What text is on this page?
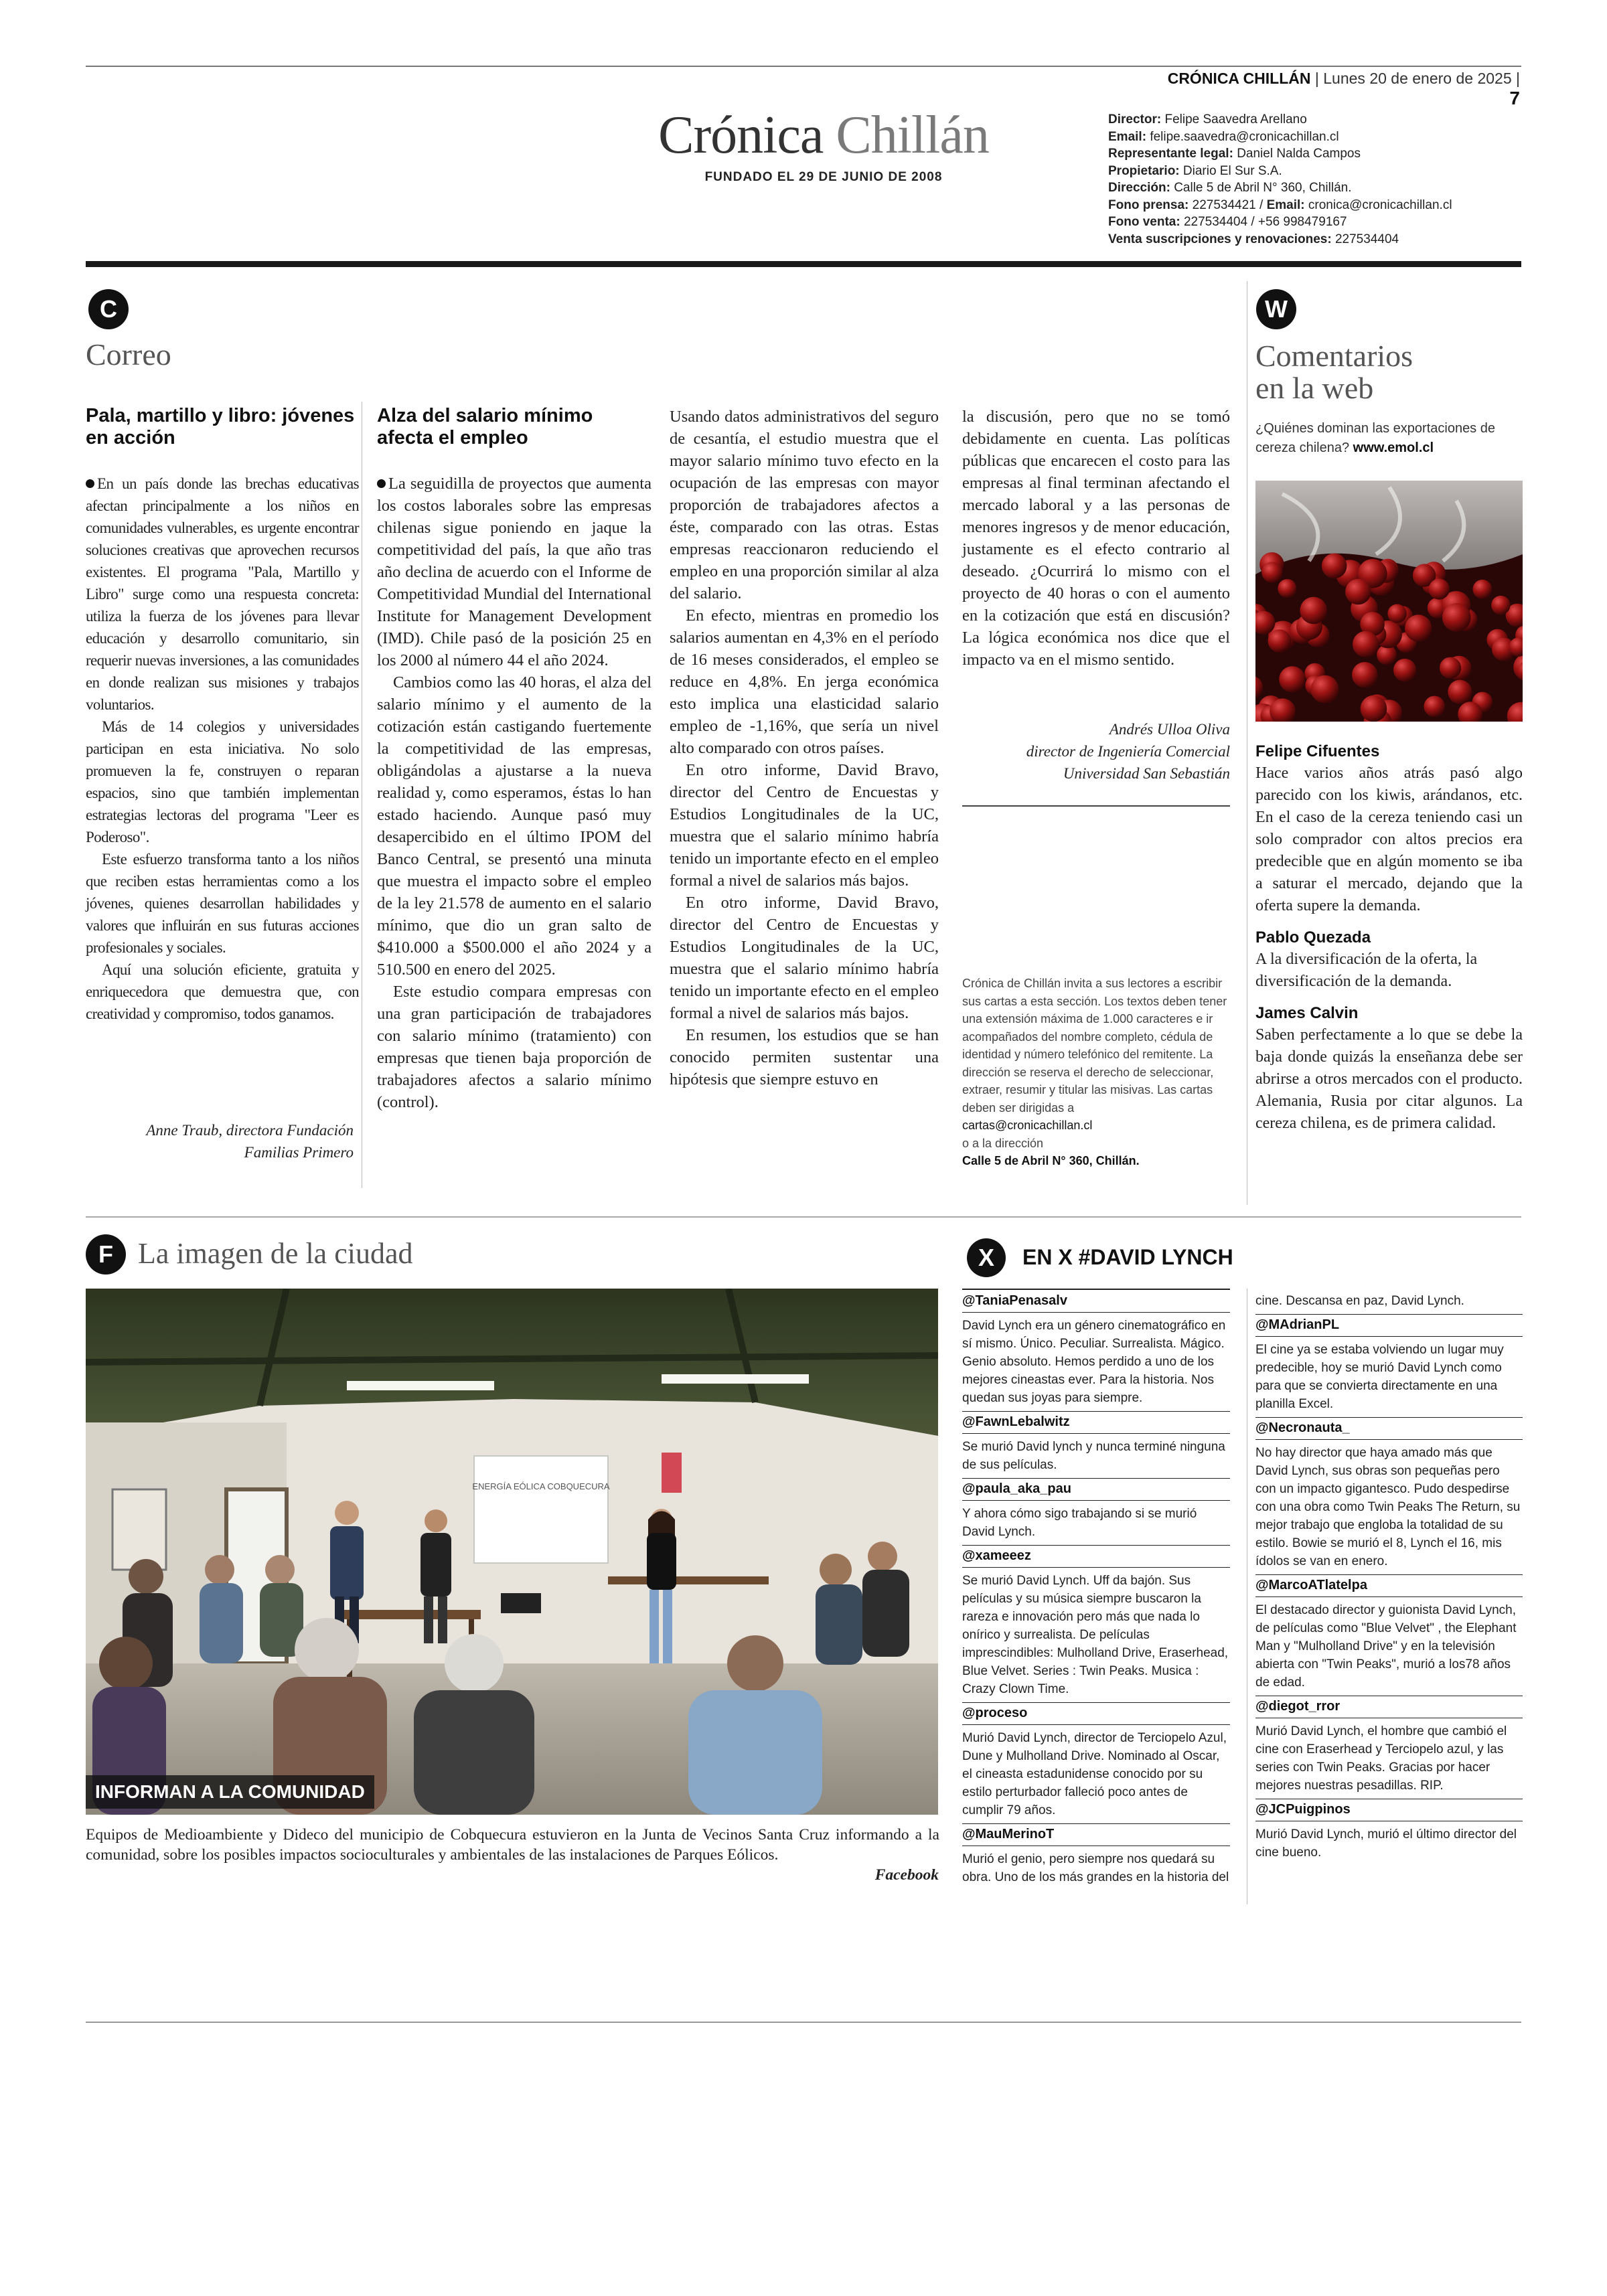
CRÓNICA CHILLÁN | Lunes 20 de enero de 2025 | 7
Crónica Chillán
FUNDADO EL 29 DE JUNIO DE 2008
Director: Felipe Saavedra Arellano
Email: felipe.saavedra@cronicachillan.cl
Representante legal: Daniel Nalda Campos
Propietario: Diario El Sur S.A.
Dirección: Calle 5 de Abril N° 360, Chillán.
Fono prensa: 227534421 / Email: cronica@cronicachillan.cl
Fono venta: 227534404 / +56 998479167
Venta suscripciones y renovaciones: 227534404
C
Correo
Pala, martillo y libro: jóvenes en acción

En un país donde las brechas educativas afectan principalmente a los niños en comunidades vulnerables, es urgente encontrar soluciones creativas que aprovechen recursos existentes. El programa "Pala, Martillo y Libro" surge como una respuesta concreta: utiliza la fuerza de los jóvenes para llevar educación y desarrollo comunitario, sin requerir nuevas inversiones, a las comunidades en donde realizan sus misiones y trabajos voluntarios.

Más de 14 colegios y universidades participan en esta iniciativa. No solo promueven la fe, construyen o reparan espacios, sino que también implementan estrategias lectoras del programa "Leer es Poderoso".

Este esfuerzo transforma tanto a los niños que reciben estas herramientas como a los jóvenes, quienes desarrollan habilidades y valores que influirán en sus futuras acciones profesionales y sociales.

Aquí una solución eficiente, gratuita y enriquecedora que demuestra que, con creatividad y compromiso, todos ganamos.

Anne Traub, directora Fundación
Familias Primero
Alza del salario mínimo afecta el empleo

La seguidilla de proyectos que aumenta los costos laborales sobre las empresas chilenas sigue poniendo en jaque la competitividad del país, la que año tras año declina de acuerdo con el Informe de Competitividad Mundial del International Institute for Management Development (IMD). Chile pasó de la posición 25 en los 2000 al número 44 el año 2024.

Cambios como las 40 horas, el alza del salario mínimo y el aumento de la cotización están castigando fuertemente la competitividad de las empresas, obligándolas a ajustarse a la nueva realidad y, como esperamos, éstas lo han estado haciendo. Aunque pasó muy desapercibido en el último IPOM del Banco Central, se presentó una minuta que muestra el impacto sobre el empleo de la ley 21.578 de aumento en el salario mínimo, que dio un gran salto de $410.000 a $500.000 el año 2024 y a 510.500 en enero del 2025.

Este estudio compara empresas con una gran participación de trabajadores con salario mínimo (tratamiento) con empresas que tienen baja proporción de trabajadores afectos a salario mínimo (control).

Usando datos administrativos del seguro de cesantía, el estudio muestra que el mayor salario mínimo tuvo efecto en la ocupación de las empresas con mayor proporción de trabajadores afectos a éste, comparado con las otras. Estas empresas reaccionaron reduciendo el empleo en una proporción similar al alza del salario.

En efecto, mientras en promedio los salarios aumentan en 4,3% en el período de 16 meses considerados, el empleo se reduce en 4,8%. En jerga económica esto implica una elasticidad salario empleo de -1,16%, que sería un nivel alto comparado con otros países.

En otro informe, David Bravo, director del Centro de Encuestas y Estudios Longitudinales de la UC, muestra que el salario mínimo habría tenido un importante efecto en el empleo formal a nivel de salarios más bajos.

En otro informe, David Bravo, director del Centro de Encuestas y Estudios Longitudinales de la UC, muestra que el salario mínimo habría tenido un importante efecto en el empleo formal a nivel de salarios más bajos.

En resumen, los estudios que se han conocido permiten sustentar una hipótesis que siempre estuvo en

la discusión, pero que no se tomó debidamente en cuenta. Las políticas públicas que encarecen el costo para las empresas al final terminan afectando el mercado laboral y a las personas de menores ingresos y de menor educación, justamente es el efecto contrario al deseado. ¿Ocurrirá lo mismo con el proyecto de 40 horas o con el aumento en la cotización que está en discusión? La lógica económica nos dice que el impacto va en el mismo sentido.

Andrés Ulloa Oliva
director de Ingeniería Comercial
Universidad San Sebastián
Crónica de Chillán invita a sus lectores a escribir sus cartas a esta sección. Los textos deben tener una extensión máxima de 1.000 caracteres e ir acompañados del nombre completo, cédula de identidad y número telefónico del remitente. La dirección se reserva el derecho de seleccionar, extraer, resumir y titular las misivas. Las cartas deben ser dirigidas a
cartas@cronicachillan.cl
o a la dirección
Calle 5 de Abril N° 360, Chillán.
W
Comentarios
en la web
¿Quiénes dominan las exportaciones de cereza chilena? www.emol.cl
Felipe Cifuentes
Hace varios años atrás pasó algo parecido con los kiwis, arándanos, etc. En el caso de la cereza teniendo casi un solo comprador con altos precios era predecible que en algún momento se iba a saturar el mercado, dejando que la oferta supere la demanda.
Pablo Quezada
A la diversificación de la oferta, la diversificación de la demanda.
James Calvin
Saben perfectamente a lo que se debe la baja donde quizás la enseñanza debe ser abrirse a otros mercados con el producto. Alemania, Rusia por citar algunos. La cereza chilena, es de primera calidad.
F La imagen de la ciudad
ENERGÍA EÓLICA COBQUECURA
INFORMAN A LA COMUNIDAD
Equipos de Medioambiente y Dideco del municipio de Cobquecura estuvieron en la Junta de Vecinos Santa Cruz informando a la comunidad, sobre los posibles impactos socioculturales y ambientales de las instalaciones de Parques Eólicos.
Facebook
X	EN X #DAVID LYNCH
@TaniaPenasalv
David Lynch era un género cinematográfico en sí mismo. Único. Peculiar. Surrealista. Mágico. Genio absoluto. Hemos perdido a uno de los mejores cineastas ever. Para la historia. Nos quedan sus joyas para siempre.
@FawnLebalwitz
Se murió David lynch y nunca terminé ninguna de sus películas.
@paula_aka_pau
Y ahora cómo sigo trabajando si se murió David Lynch.
@xameeez
Se murió David Lynch. Uff da bajón. Sus películas y su música siempre buscaron la rareza e innovación pero más que nada lo onírico y surrealista. De películas imprescindibles: Mulholland Drive, Eraserhead, Blue Velvet. Series : Twin Peaks. Musica : Crazy Clown Time.
@proceso
Murió David Lynch, director de Terciopelo Azul, Dune y Mulholland Drive. Nominado al Oscar, el cineasta estadunidense conocido por su estilo perturbador falleció poco antes de cumplir 79 años.
@MauMerinoT
Murió el genio, pero siempre nos quedará su obra. Uno de los más grandes en la historia del
cine. Descansa en paz, David Lynch.
@MAdrianPL
El cine ya se estaba volviendo un lugar muy predecible, hoy se murió David Lynch como para que se convierta directamente en una planilla Excel.
@Necronauta_
No hay director que haya amado más que David Lynch, sus obras son pequeñas pero con un impacto gigantesco. Pudo despedirse con una obra como Twin Peaks The Return, su mejor trabajo que engloba la totalidad de su estilo. Bowie se murió el 8, Lynch el 16, mis ídolos se van en enero.
@MarcoATlatelpa
El destacado director y guionista David Lynch, de películas como "Blue Velvet" , the Elephant Man y "Mulholland Drive" y en la televisión abierta con "Twin Peaks", murió a los78 años de edad.
@diegot_rror
Murió David Lynch, el hombre que cambió el cine con Eraserhead y Terciopelo azul, y las series con Twin Peaks. Gracias por hacer mejores nuestras pesadillas. RIP.
@JCPuigpinos
Murió David Lynch, murió el último director del cine bueno.
